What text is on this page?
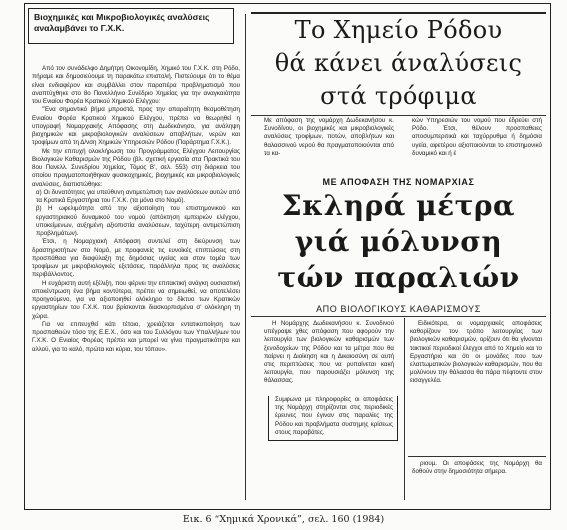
Βιοχημικές και Μικροβιολογικές αναλύσεις
αναλαμβάνει το Γ.Χ.Κ.

Από τον συνάδελφο Δημήτρη Οικονομίδη, Χημικό του Γ.Χ.Κ. στη Ρόδο, πήραμε και δημοσιεύουμε τη παρακάτω επιστολή. Πιστεύουμε ότι το θέμα είναι ενδιαφέρον και συμβάλλει στον παραπέρα προβληματισμό που αναπτύχθηκε στο 8ο Πανελλήνιο Συνέδριο Χημείας για την αναγκαιότητα του Ενιαίου Φορέα Κρατικού Χημικού Ελέγχου:

"Ένα σημαντικό βήμα μπροστά, προς την απαραίτητη θεσμοθέτηση Ενιαίου Φορέα Κρατικού Χημικού Ελέγχου, πρέπει να θεωρηθεί η υπογραφή Νομαρχιακής Απόφασης στη Δωδεκάνησο, για ανάληψη βιοχημικών και μικροβιολογικών αναλύσεων αποβλήτων, νερών και τροφίμων από τη Δ/νση Χημικών Υπηρεσιών Ρόδου (Παράρτημα Γ.Χ.Κ.).

Με την επιτυχή ολοκλήρωση του Προγράμματος Ελέγχου Λειτουργίας Βιολογικών Καθαρισμών της Ρόδου (βλ. σχετική εργασία στα Πρακτικά του 8ου Πανελλ. Συνεδρίου Χημείας, Τόμος Β', σελ. 553) στη διάρκεια του οποίου πραγματοποιήθηκαν φυσικοχημικές, βιοχημικές και μικροβιολογικές αναλύσεις, διαπιστώθηκε:

α) Οι δυνατότητες για υπεύθυνη αντιμετώπιση των αναλύσεων αυτών από τα Κρατικά Εργαστήρια του Γ.Χ.Κ. (τα μόνα στο Νομό).

β) Η ωφελιμότητα από την αξιοποίηση του επιστημονικού και εργαστηριακού δυναμικού του νομού (απόκτηση εμπειριών ελέγχου, υποκείμενων, αυξημένη αξιοπιστία αναλύσεων, ταχύτερη αντιμετώπιση προβλημάτων).

Έτσι, η Νομαρχιακή Απόφαση συντελεί στη διεύρυνση των δραστηριοτήτων στο Νομό, με προφανείς τις ευνοϊκές επιπτώσεις στη προσπάθεια για διαφύλαξη της δημόσιας υγείας και στον τομέα των τροφίμων με μικροβιολογικές εξετάσεις, παράλληλα προς τις αναλύσεις περιβάλλοντος.

Η ευχάριστη αυτή εξέλιξη, που φέρνει την επιτακτική ανάγκη ουσιαστική αποκέντρωση ένα βήμα κοντύτερα, πρέπει να σημειωθεί, να αποτελέσει προηγούμενο, για να αξιοποιηθεί ολόκληρο το δίκτυο των Κρατικών εργαστηρίων του Γ.Χ.Κ. που βρίσκονται διασκορπισμένα σ' ολόκληρη τη χώρα.

Για να επιτευχθεί κάτι τέτοιο, χρειάζεται εντατικοποίηση των προσπαθειών τόσο της Ε.Ε.Χ., όσο και του Συλλόγου των Υπαλλήλων του Γ.Χ.Κ. Ο Ενιαίος Φορέας πρέπει και μπορεί να γίνει πραγματικότητα και αλλού, για το καλό, πρώτα και κύρια, του τόπου».

Το Χημείο Ρόδου
θά κάνει άναλύσεις
στά τρόφιμα

Με απόφαση της νομάρχη Δωδεκανήσου κ. Συνοδίνου, οι βιοχημικές και μικροβιολογικές αναλύσεις τροφίμων, ποτών, αποβλήτων και θαλασσινού νερού θα πραγματοποιούνται από τα κα-

κών Υπηρεσιών του νομού που έδρεύει στή Ρόδο. Έτσι, θέλουν προσπαθειες αποσυμπεριτικά και ταχύρρυθμα ή δημόσια υγεία, αφετέρου αξιοποιούνται το επιστημονικό δυναμικό και ή έ

ΜΕ ΑΠΟΦΑΣΗ ΤΗΣ ΝΟΜΑΡΧΙΑΣ
Σκληρά μέτρα
γιά μόλυνση
τών παραλιών
ΑΠΟ ΒΙΟΛΟΓΙΚΟΥΣ ΚΑΘΑΡΙΣΜΟΥΣ

Η Νομάρχης Δωδεκανήσου κ. Συνοδινού υπέγραψε χθες απόφαση που αφορούν την λειτουργία των βιολογικών καθαρισμών των ξενοδοχείων της Ρόδου και τα μέτρα που θα παίρνει η Διοίκηση και η Δικαιοσύνη σε αυτή στις περιπτώσεις που να ρυπαίνεται κακή λειτουργία, που παρουσιάζει μόλυνση της θάλασσας.

Συμφωνα με πληροφορίες οι αποφάσεις της Νομάρχη στηρίζονται στις περιοδικές έρευνες που έγιναν στις παραλίες της Ρόδου και προβλήματα συστημης κρίσεως στους παραβάτες.

Ειδικότερα, οι νομαρχιακές αποφάσεις καθορίζουν τον τρόπο λειτουργίας των βιολογικών καθαρισμών, ορίζουν ότι θα γίνονται τακτικοί περιοδικοί έλεγχοι από το Χημείο και το Εργαστήριο και ότι οι μονάδες που των ελαττωματικών βιολογικών καθαρισμών, που θα μολύνουν την θάλασσα θα πάρα πέφτοντε στον εισαγγελέα.

ριουμ. Οι αποφάσεις της Νομάρχη θα δοθούν στην δημοσιότητα σήμερα.

Εικ. 6 “Χημικά Χρονικά”, σελ. 160 (1984)
